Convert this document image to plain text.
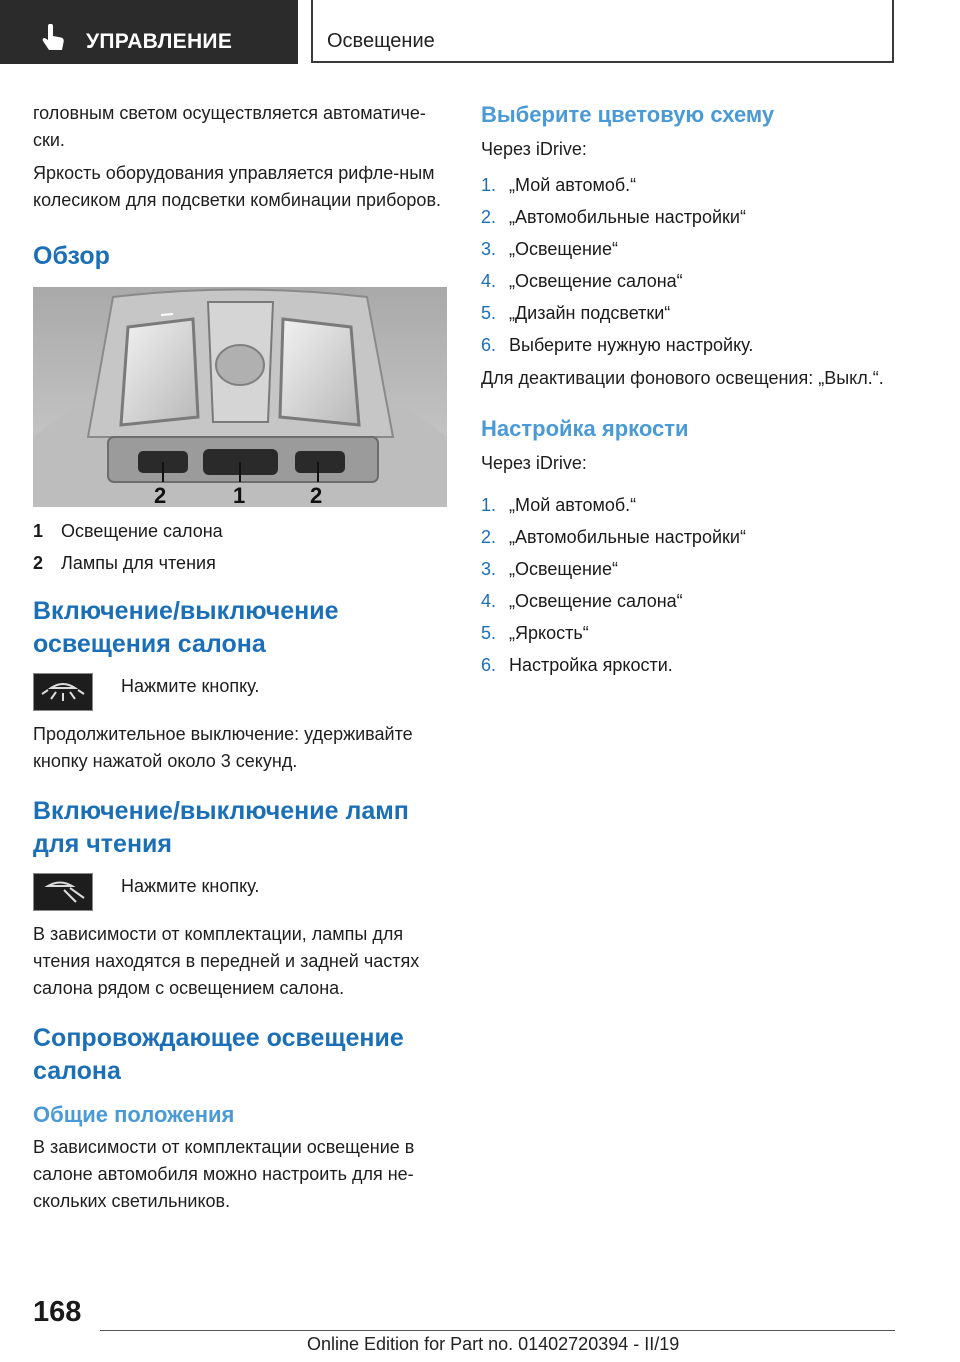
УПРАВЛЕНИЕ	Освещение

головным светом осуществляется автоматиче-ски.

Яркость оборудования управляется рифле-ным колесиком для подсветки комбинации приборов.

Обзор
2	1	2
1 Освещение салона
2 Лампы для чтения
Включение/выключение освещения салона

Нажмите кнопку.

Продолжительное выключение: удерживайте кнопку нажатой около 3 секунд.

Включение/выключение ламп для чтения

Нажмите кнопку.

В зависимости от комплектации, лампы для чтения находятся в передней и задней частях салона рядом с освещением салона.

Сопровождающее освещение салона
Общие положения

В зависимости от комплектации освещение в салоне автомобиля можно настроить для не-скольких светильников.

Выберите цветовую схему

Через iDrive:

1. „Мой автомоб.“
2. „Автомобильные настройки“
3. „Освещение“
4. „Освещение салона“
5. „Дизайн подсветки“
6. Выберите нужную настройку.

Для деактивации фонового освещения: „Выкл.“.

Настройка яркости

Через iDrive:

1. „Мой автомоб.“
2. „Автомобильные настройки“
3. „Освещение“
4. „Освещение салона“
5. „Яркость“
6. Настройка яркости.
168
Online Edition for Part no. 01402720394 - II/19
